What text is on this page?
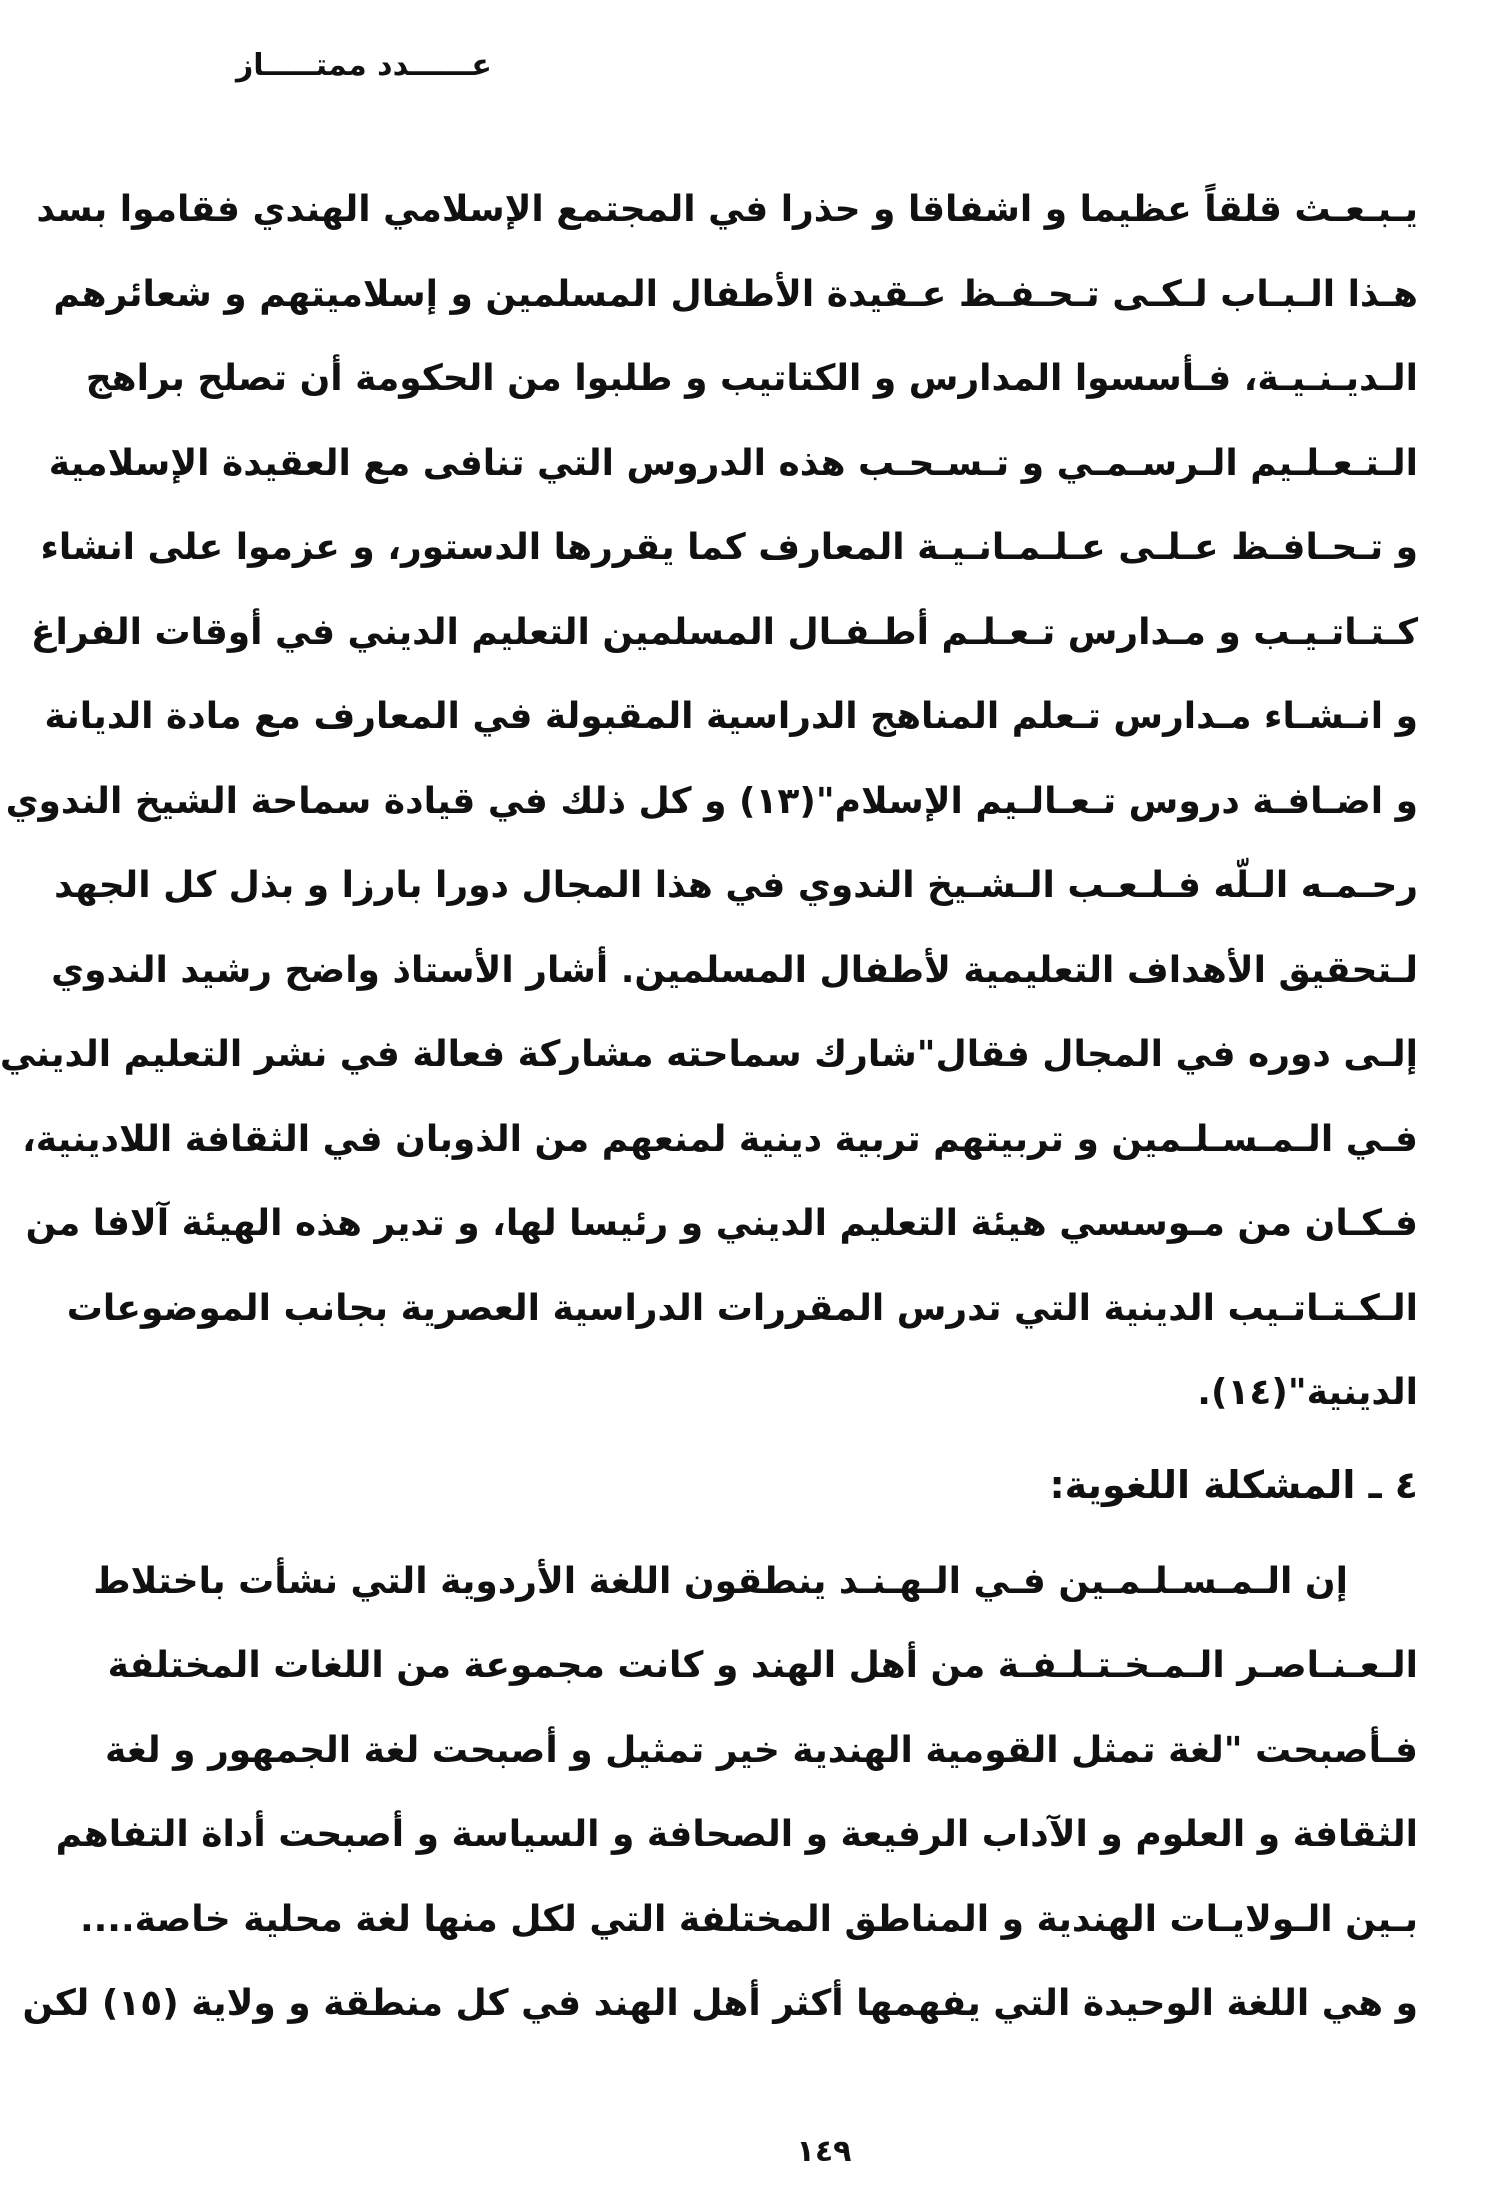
عــــــدد ممتـــــاز
يـبـعـث قلقاً عظيما و اشفاقا و حذرا في المجتمع الإسلامي الهندي فقاموا بسد
هـذا الـبـاب لـكـى تـحـفـظ عـقيدة الأطفال المسلمين و إسلاميتهم و شعائرهم
الـديـنـيـة، فـأسسوا المدارس و الكتاتيب و طلبوا من الحكومة أن تصلح براهج
الـتـعـلـيم الـرسـمـي و تـسـحـب هذه الدروس التي تنافى مع العقيدة الإسلامية
و تـحـافـظ عـلـى عـلـمـانـيـة المعارف كما يقررها الدستور، و عزموا على انشاء
كـتـاتـيـب و مـدارس تـعـلـم أطـفـال المسلمين التعليم الديني في أوقات الفراغ
و انـشـاء مـدارس تـعلم المناهج الدراسية المقبولة في المعارف مع مادة الديانة
و اضـافـة دروس تـعـالـيم الإسلام"(١٣) و كل ذلك في قيادة سماحة الشيخ الندوي
رحـمـه الـلّه فـلـعـب الـشـيخ الندوي في هذا المجال دورا بارزا و بذل كل الجهد
لـتحقيق الأهداف التعليمية لأطفال المسلمين. أشار الأستاذ واضح رشيد الندوي
إلـى دوره في المجال فقال"شارك سماحته مشاركة فعالة في نشر التعليم الديني
فـي الـمـسـلـمين و تربيتهم تربية دينية لمنعهم من الذوبان في الثقافة اللادينية،
فـكـان من مـوسسي هيئة التعليم الديني و رئيسا لها، و تدير هذه الهيئة آلافا من
الـكـتـاتـيب الدينية التي تدرس المقررات الدراسية العصرية بجانب الموضوعات
الدينية"(١٤).
٤ ـ المشكلة اللغوية:
إن الـمـسـلـمـين فـي الـهـنـد ينطقون اللغة الأردوية التي نشأت باختلاط
الـعـنـاصـر الـمـخـتـلـفـة من أهل الهند و كانت مجموعة من اللغات المختلفة
فـأصبحت "لغة تمثل القومية الهندية خير تمثيل و أصبحت لغة الجمهور و لغة
الثقافة و العلوم و الآداب الرفيعة و الصحافة و السياسة و أصبحت أداة التفاهم
بـين الـولايـات الهندية و المناطق المختلفة التي لكل منها لغة محلية خاصة....
و هي اللغة الوحيدة التي يفهمها أكثر أهل الهند في كل منطقة و ولاية (١٥) لكن
١٤٩
